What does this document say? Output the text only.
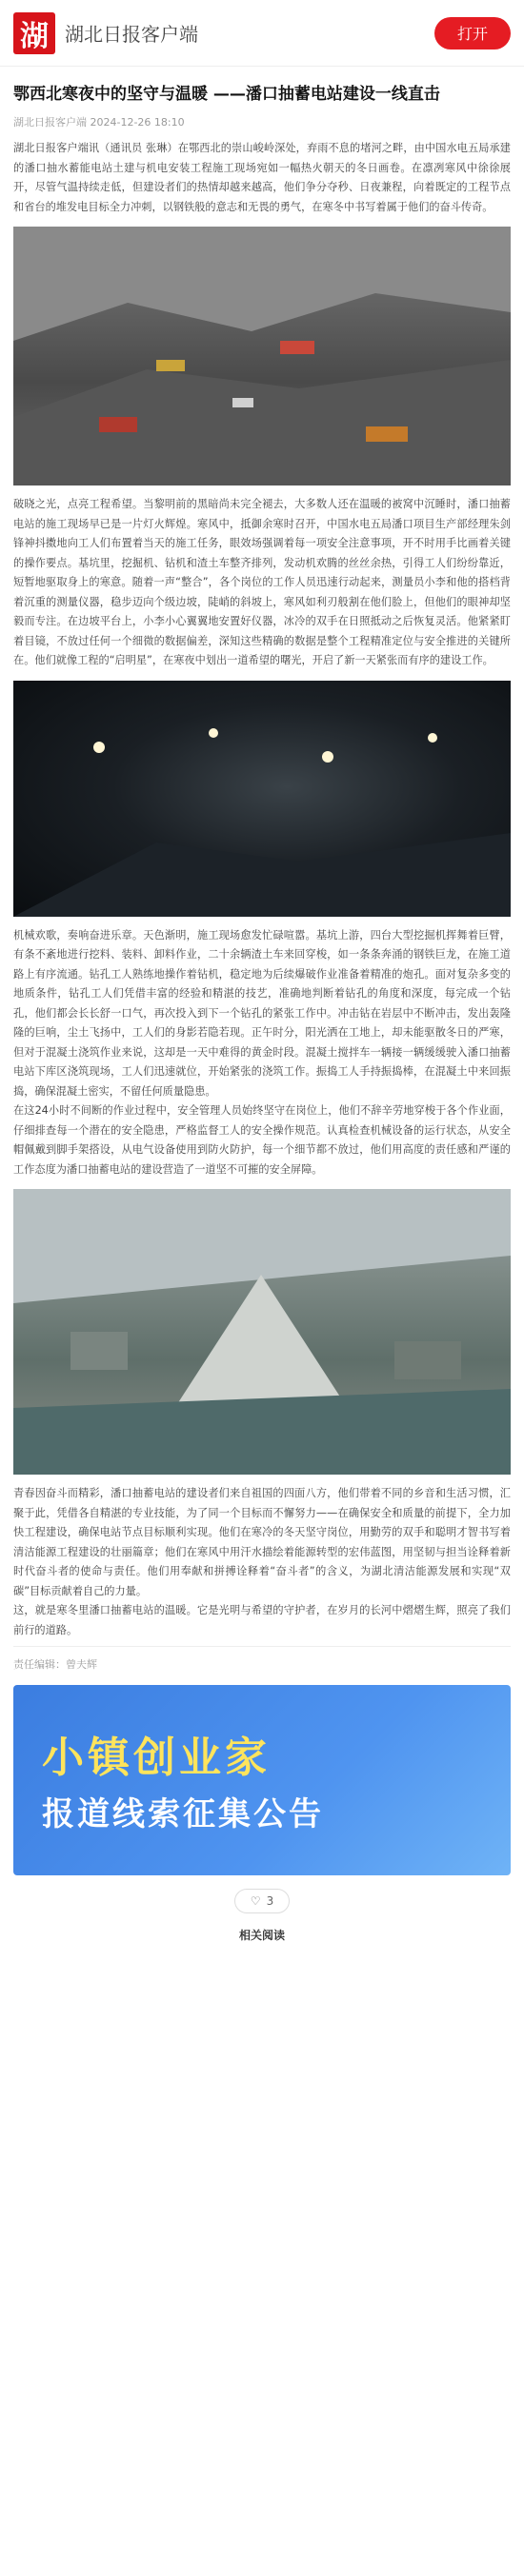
湖 湖北日报客户端	打开
鄂西北寒夜中的坚守与温暖 ——潘口抽蓄电站建设一线直击
湖北日报客户端 2024-12-26 18:10

湖北日报客户端讯（通讯员 张琳）在鄂西北的崇山峻岭深处，弃雨不息的堵河之畔，由中国水电五局承建的潘口抽水蓄能电站土建与机电安装工程施工现场宛如一幅热火朝天的冬日画卷。在凛冽寒风中徐徐展开，尽管气温持续走低，但建设者们的热情却越来越高，他们争分夺秒、日夜兼程，向着既定的工程节点和省台的堆发电目标全力冲刺，以钢铁般的意志和无畏的勇气，在寒冬中书写着属于他们的奋斗传奇。

破晓之光，点亮工程希望。当黎明前的黑暗尚未完全褪去，大多数人还在温暖的被窝中沉睡时，潘口抽蓄电站的施工现场早已是一片灯火辉煌。寒风中，抵御余寒时召开，中国水电五局潘口项目生产部经理朱剑锋神抖擞地向工人们布置着当天的施工任务，眼效场强调着每一项安全注意事项，开不时用手比画着关键的操作要点。基坑里，挖掘机、钻机和渣土车整齐排列，发动机欢腾的丝丝余热，引得工人们纷纷靠近，短暂地驱取身上的寒意。随着一声“整合”，各个岗位的工作人员迅速行动起来，测量员小李和他的搭档背着沉重的测量仪器，稳步迈向个级边坡，陡峭的斜坡上，寒风如利刃般割在他们脸上，但他们的眼神却坚毅而专注。在边坡平台上，小李小心翼翼地安置好仪器，冰冷的双手在日照抵动之后恢复灵活。他紧紧盯着目镜，不放过任何一个细微的数据偏差，深知这些精确的数据是整个工程精准定位与安全推进的关键所在。他们就像工程的“启明星”，在寒夜中划出一道希望的曙光，开启了新一天紧张而有序的建设工作。

机械欢歌，奏响奋进乐章。天色渐明，施工现场愈发忙碌喧嚣。基坑上游，四台大型挖掘机挥舞着巨臂，有条不紊地进行挖料、装料、卸料作业，二十余辆渣土车来回穿梭，如一条条奔涌的钢铁巨龙，在施工道路上有序流通。钻孔工人熟练地操作着钻机，稳定地为后续爆破作业准备着精准的炮孔。面对复杂多变的地质条件，钻孔工人们凭借丰富的经验和精湛的技艺，准确地判断着钻孔的角度和深度，每完成一个钻孔，他们都会长长舒一口气，再次投入到下一个钻孔的紧张工作中。冲击钻在岩层中不断冲击，发出轰隆隆的巨响，尘土飞扬中，工人们的身影若隐若现。正午时分，阳光洒在工地上，却未能驱散冬日的严寒，但对于混凝土浇筑作业来说，这却是一天中难得的黄金时段。混凝土搅拌车一辆接一辆缓缓驶入潘口抽蓄电站下库区浇筑现场，工人们迅速就位，开始紧张的浇筑工作。振捣工人手持振捣棒，在混凝土中来回振捣，确保混凝土密实，不留任何质量隐患。

在这24小时不间断的作业过程中，安全管理人员始终坚守在岗位上，他们不辞辛劳地穿梭于各个作业面，仔细排查每一个潜在的安全隐患，严格监督工人的安全操作规范。认真检查机械设备的运行状态，从安全帽佩戴到脚手架搭设，从电气设备使用到防火防护，每一个细节都不放过，他们用高度的责任感和严谨的工作态度为潘口抽蓄电站的建设营造了一道坚不可摧的安全屏障。

青春因奋斗而精彩，潘口抽蓄电站的建设者们来自祖国的四面八方，他们带着不同的乡音和生活习惯，汇聚于此，凭借各自精湛的专业技能，为了同一个目标而不懈努力——在确保安全和质量的前提下，全力加快工程建设，确保电站节点目标顺利实现。他们在寒冷的冬天坚守岗位，用勤劳的双手和聪明才智书写着清洁能源工程建设的壮丽篇章；他们在寒风中用汗水描绘着能源转型的宏伟蓝图，用坚韧与担当诠释着新时代奋斗者的使命与责任。他们用奉献和拼搏诠释着“奋斗者”的含义，为湖北清洁能源发展和实现“双碳”目标贡献着自己的力量。

这，就是寒冬里潘口抽蓄电站的温暖。它是光明与希望的守护者，在岁月的长河中熠熠生辉，照亮了我们前行的道路。

责任编辑：曾夫辉
小镇创业家
报道线索征集公告
♡ 3
相关阅读
